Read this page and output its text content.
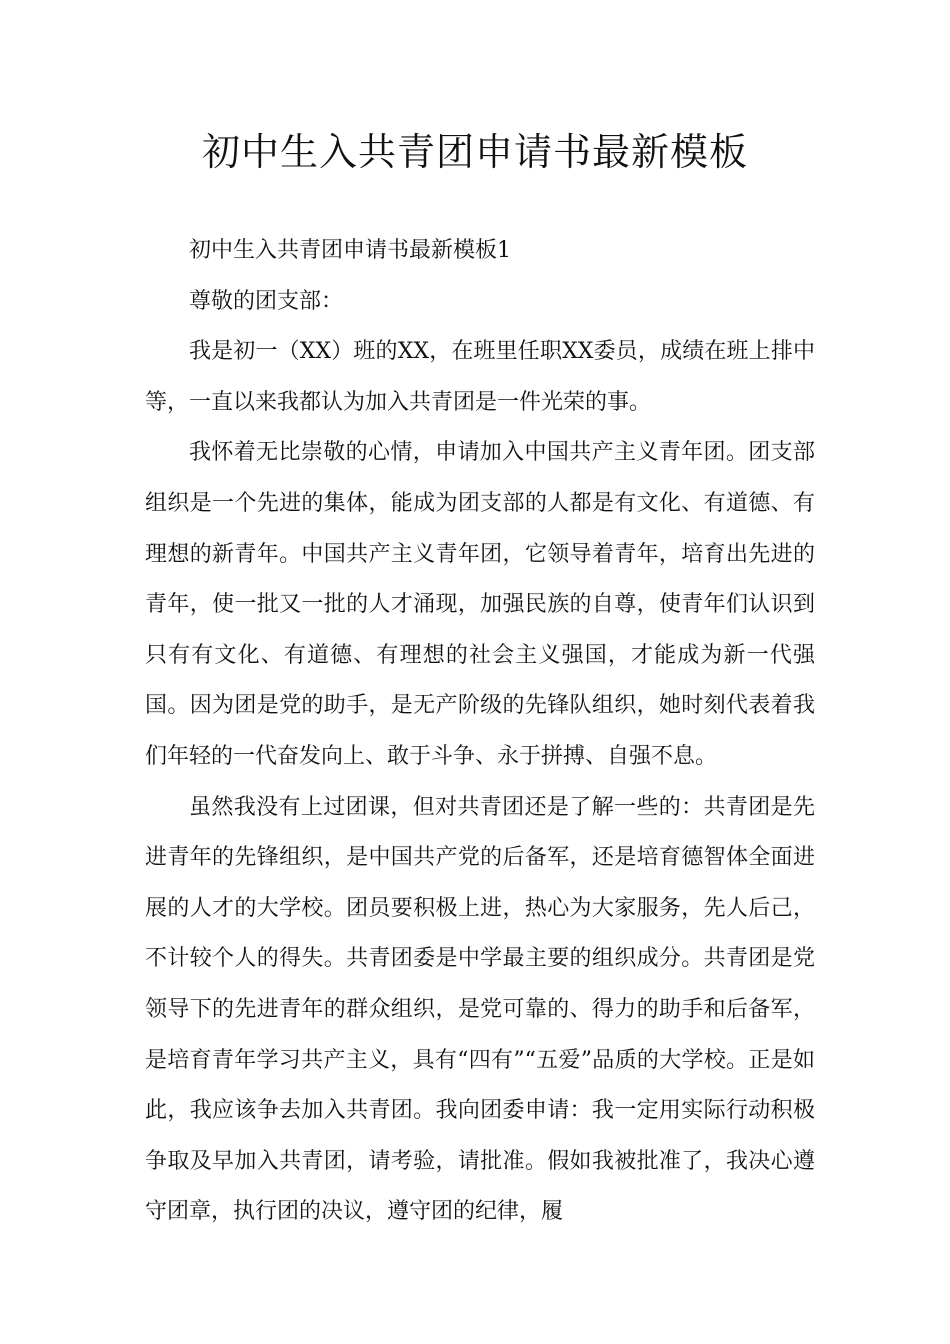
初中生入共青团申请书最新模板

初中生入共青团申请书最新模板1

尊敬的团支部：

我是初一（XX）班的XX，在班里任职XX委员，成绩在班上排中等，一直以来我都认为加入共青团是一件光荣的事。

我怀着无比崇敬的心情，申请加入中国共产主义青年团。团支部组织是一个先进的集体，能成为团支部的人都是有文化、有道德、有理想的新青年。中国共产主义青年团，它领导着青年，培育出先进的青年，使一批又一批的人才涌现，加强民族的自尊，使青年们认识到只有有文化、有道德、有理想的社会主义强国，才能成为新一代强国。因为团是党的助手，是无产阶级的先锋队组织，她时刻代表着我们年轻的一代奋发向上、敢于斗争、永于拼搏、自强不息。

虽然我没有上过团课，但对共青团还是了解一些的：共青团是先进青年的先锋组织，是中国共产党的后备军，还是培育德智体全面进展的人才的大学校。团员要积极上进，热心为大家服务，先人后己，不计较个人的得失。共青团委是中学最主要的组织成分。共青团是党领导下的先进青年的群众组织，是党可靠的、得力的助手和后备军，是培育青年学习共产主义，具有“四有”“五爱”品质的大学校。正是如此，我应该争去加入共青团。我向团委申请：我一定用实际行动积极争取及早加入共青团，请考验，请批准。假如我被批准了，我决心遵守团章，执行团的决议，遵守团的纪律，履
